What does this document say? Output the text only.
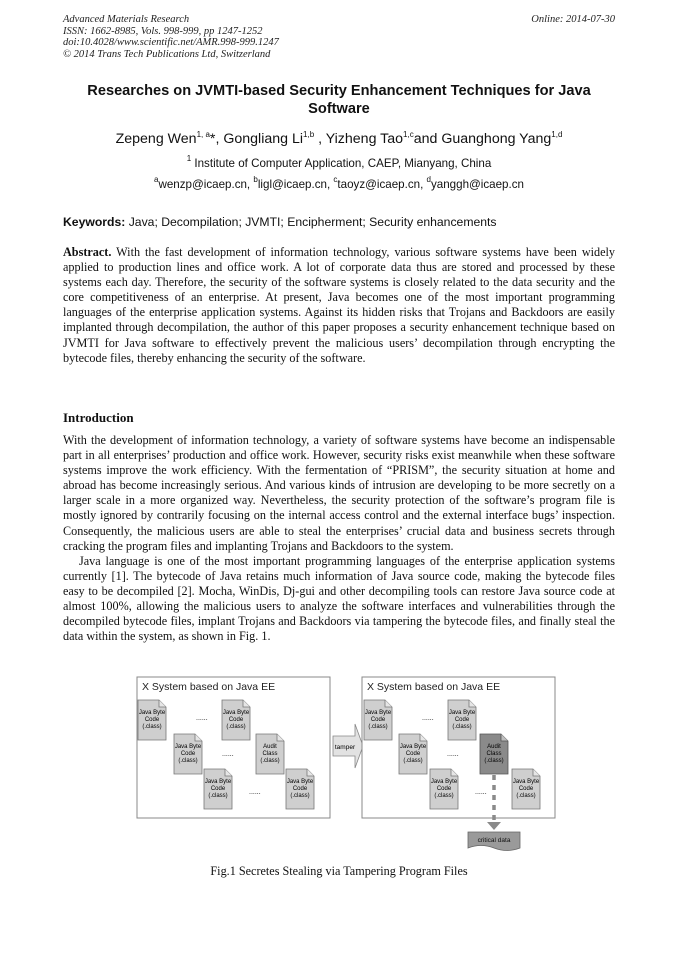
Advanced Materials Research
ISSN: 1662-8985, Vols. 998-999, pp 1247-1252
doi:10.4028/www.scientific.net/AMR.998-999.1247
© 2014 Trans Tech Publications Ltd, Switzerland
Online: 2014-07-30
Researches on JVMTI-based Security Enhancement Techniques for Java Software
Zepeng Wen$^{1, a}$*, Gongliang Li$^{1,b}$ , Yizheng Tao$^{1,c}$and Guanghong Yang$^{1,d}$
$^1$ Institute of Computer Application, CAEP, Mianyang, China
$^a$wenzp@icaep.cn, $^b$ligl@icaep.cn, $^c$taoyz@icaep.cn, $^d$yanggh@icaep.cn
Keywords: Java; Decompilation; JVMTI; Encipherment; Security enhancements
Abstract. With the fast development of information technology, various software systems have been widely applied to production lines and office work. A lot of corporate data thus are stored and processed by these systems each day. Therefore, the security of the software systems is closely related to the data security and the core competitiveness of an enterprise. At present, Java becomes one of the most important programming languages of the enterprise application systems. Against its hidden risks that Trojans and Backdoors are easily implanted through decompilation, the author of this paper proposes a security enhancement technique based on JVMTI for Java software to effectively prevent the malicious users’ decompilation through encrypting the bytecode files, thereby enhancing the security of the software.
Introduction

With the development of information technology, a variety of software systems have become an indispensable part in all enterprises’ production and office work. However, security risks exist meanwhile when these software systems improve the work efficiency. With the fermentation of “PRISM”, the security situation at home and abroad has become increasingly serious. And various kinds of intrusion are developing to be more secretly on a larger scale in a more organized way. Nevertheless, the security protection of the software’s program file is mostly ignored by contrarily focusing on the internal access control and the external interface bugs’ inspection. Consequently, the malicious users are able to steal the enterprises’ crucial data and business secrets through cracking the program files and implanting Trojans and Backdoors to the system.

Java language is one of the most important programming languages of the enterprise application systems currently [1]. The bytecode of Java retains much information of Java source code, making the bytecode files easy to be decompiled [2]. Mocha, WinDis, Dj-gui and other decompiling tools can restore Java source code at almost 100%, allowing the malicious users to analyze the software interfaces and vulnerabilities through the decompiled bytecode files, implant Trojans and Backdoors via tampering the bytecode files, and finally steal the data within the system, as shown in Fig. 1.

X System based on Java EE
Java Byte
Code
(.class)
......
Java Byte
Code
(.class)
Java Byte
Code
(.class)
......
Audit
Class
(.class)
Java Byte
Code
(.class)	......
Java Byte
Code
(.class)
tamper
X System based on Java EE
Java Byte
Code
(.class)
......
Java Byte
Code
(.class)
Java Byte
Code
(.class)
......
Audit
Class
(.class)
Java Byte
Code
(.class)	......
Java Byte
Code
(.class)
critical data
Fig.1 Secretes Stealing via Tampering Program Files
